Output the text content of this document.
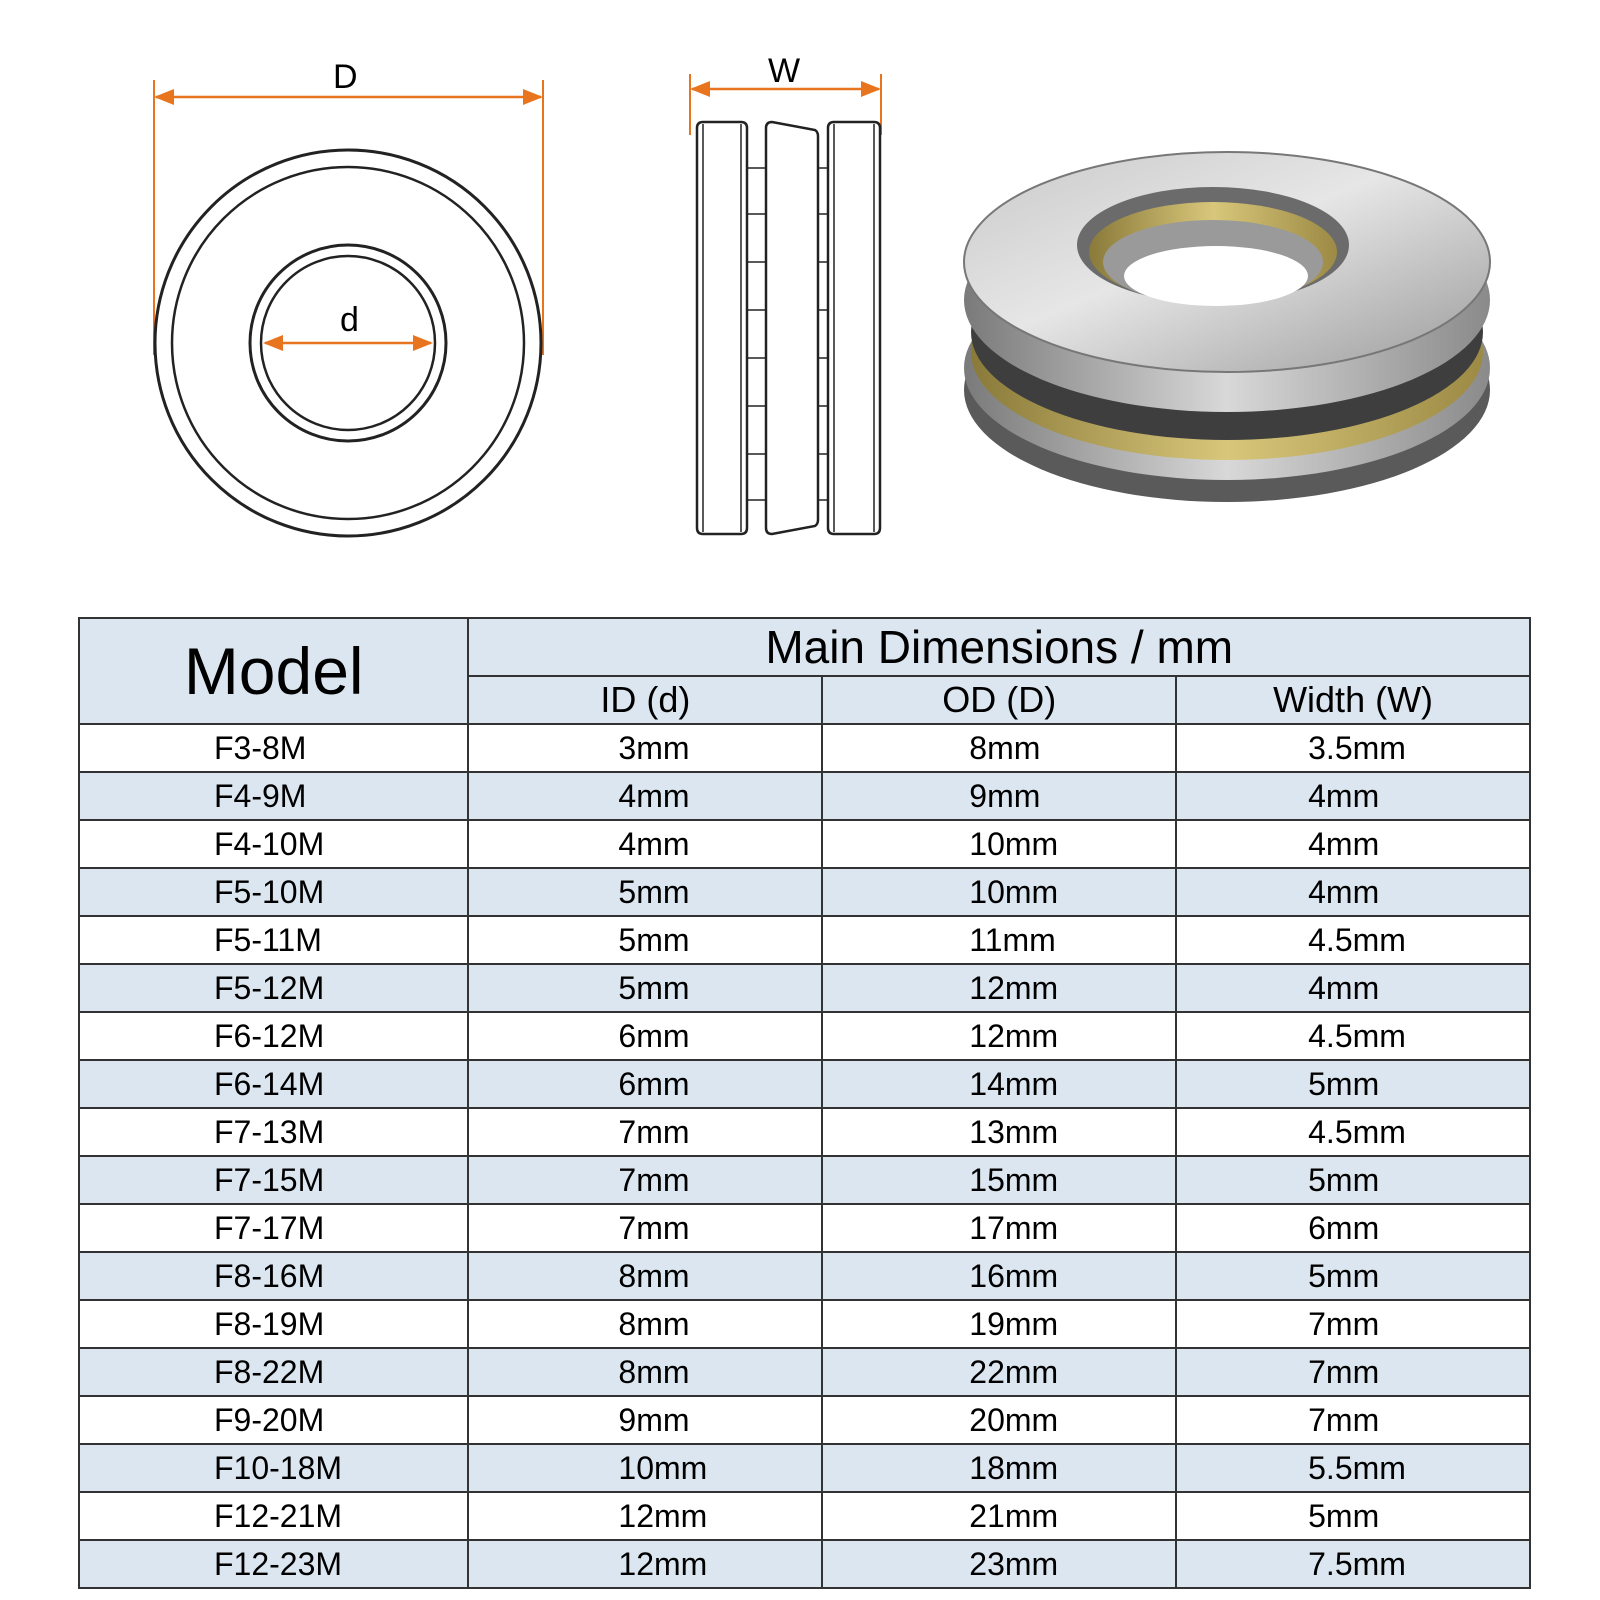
D
d
W
Model	Main Dimensions / mm		
	ID (d)	OD (D)	Width (W)
F3-8M	3mm	8mm	3.5mm
F4-9M	4mm	9mm	4mm
F4-10M	4mm	10mm	4mm
F5-10M	5mm	10mm	4mm
F5-11M	5mm	11mm	4.5mm
F5-12M	5mm	12mm	4mm
F6-12M	6mm	12mm	4.5mm
F6-14M	6mm	14mm	5mm
F7-13M	7mm	13mm	4.5mm
F7-15M	7mm	15mm	5mm
F7-17M	7mm	17mm	6mm
F8-16M	8mm	16mm	5mm
F8-19M	8mm	19mm	7mm
F8-22M	8mm	22mm	7mm
F9-20M	9mm	20mm	7mm
F10-18M	10mm	18mm	5.5mm
F12-21M	12mm	21mm	5mm
F12-23M	12mm	23mm	7.5mm
